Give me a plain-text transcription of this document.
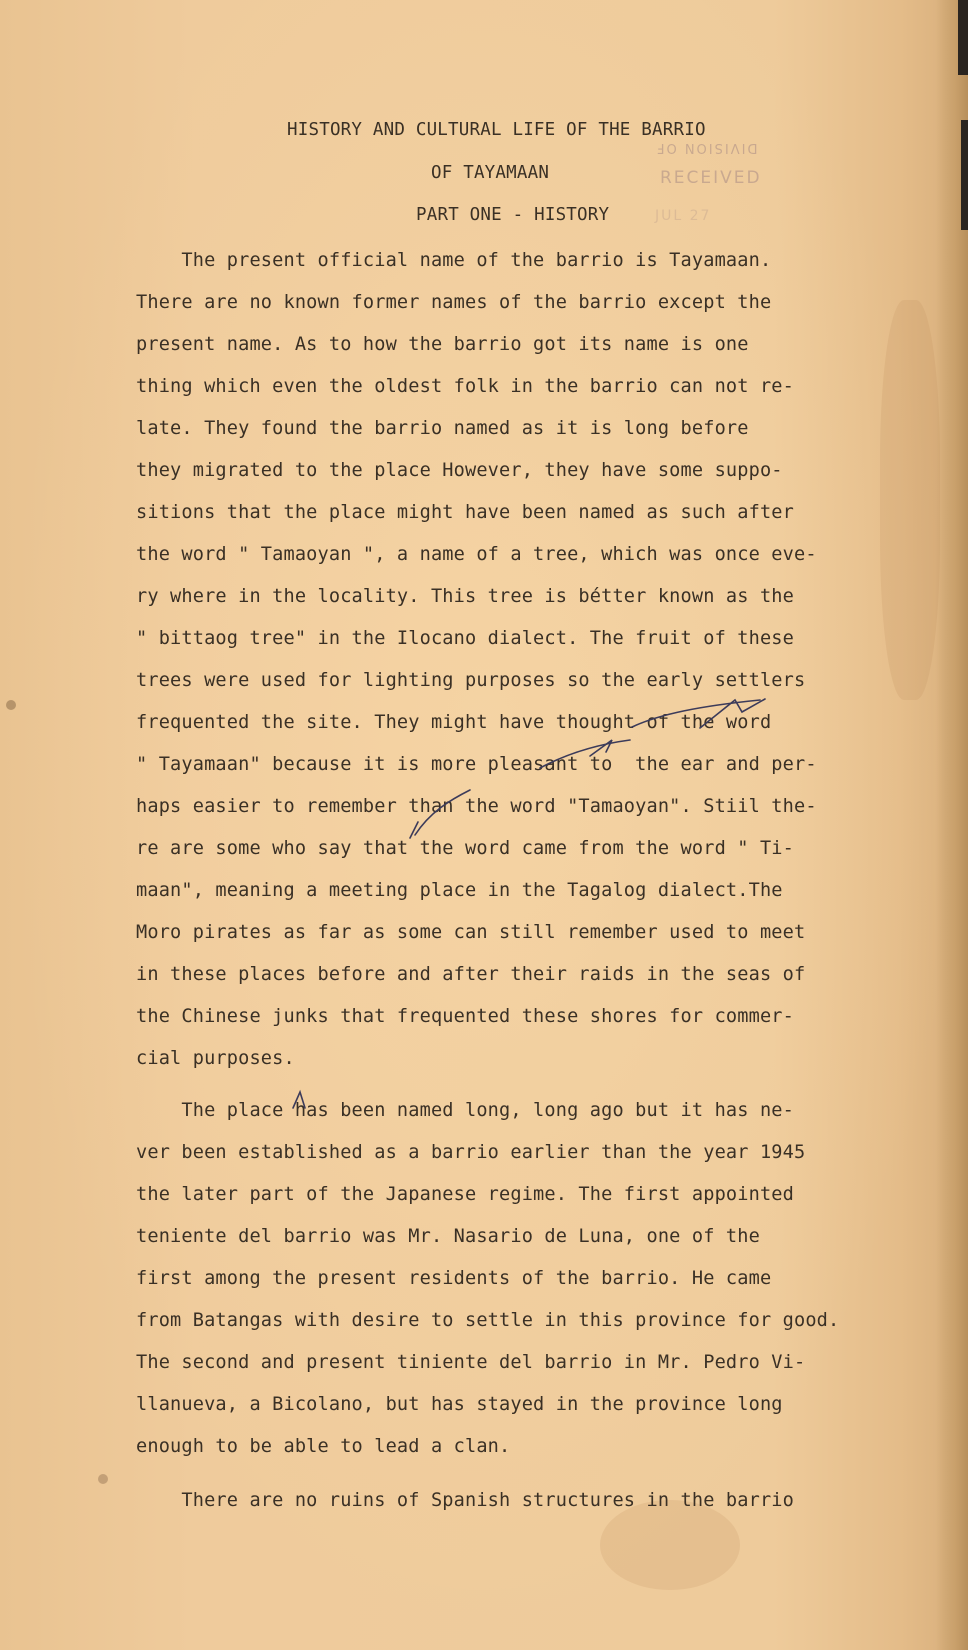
DIVISION OF
RECEIVED
JUL 27
HISTORY AND CULTURAL LIFE OF THE BARRIO
OF TAYAMAAN
PART ONE - HISTORY
The present official name of the barrio is Tayamaan.
There are no known former names of the barrio except the
present name. As to how the barrio got its name is one
thing which even the oldest folk in the barrio can not re-
late. They found the barrio named as it is long before
they migrated to the place However, they have some suppo-
sitions that the place might have been named as such after
the word " Tamaoyan ", a name of a tree, which was once eve-
ry where in the locality. This tree is bétter known as the
" bittaog tree" in the Ilocano dialect. The fruit of these
trees were used for lighting purposes so the early settlers
frequented the site. They might have thought of the word
" Tayamaan" because it is more pleasant to  the ear and per-
haps easier to remember than the word "Tamaoyan". Stiil the-
re are some who say that the word came from the word " Ti-
maan", meaning a meeting place in the Tagalog dialect.The
Moro pirates as far as some can still remember used to meet
in these places before and after their raids in the seas of
the Chinese junks that frequented these shores for commer-
cial purposes.
The place has been named long, long ago but it has ne-
ver been established as a barrio earlier than the year 1945
the later part of the Japanese regime. The first appointed
teniente del barrio was Mr. Nasario de Luna, one of the
first among the present residents of the barrio. He came
from Batangas with desire to settle in this province for good.
The second and present tiniente del barrio in Mr. Pedro Vi-
llanueva, a Bicolano, but has stayed in the province long
enough to be able to lead a clan.
There are no ruins of Spanish structures in the barrio
